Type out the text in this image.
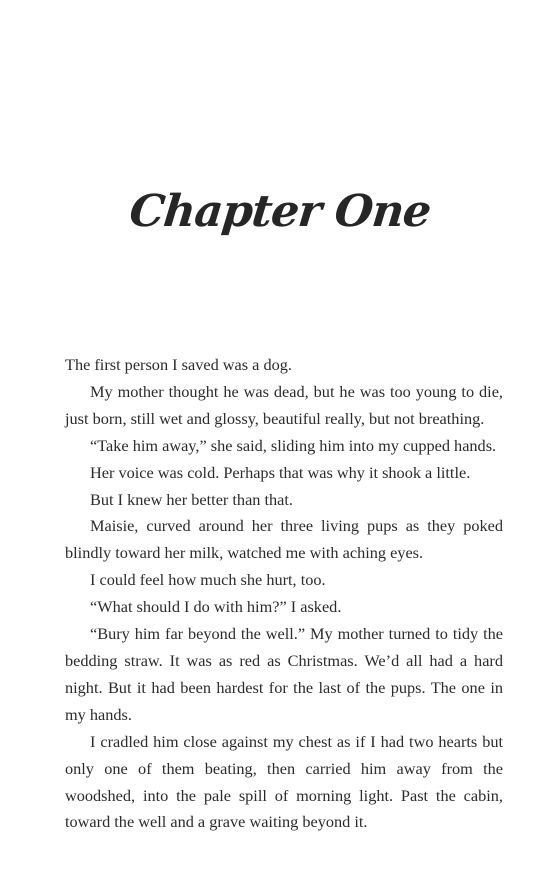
Chapter One

The first person I saved was a dog.

My mother thought he was dead, but he was too young to die, just born, still wet and glossy, beautiful really, but not breathing.

“Take him away,” she said, sliding him into my cupped hands.

Her voice was cold. Perhaps that was why it shook a little.

But I knew her better than that.

Maisie, curved around her three living pups as they poked blindly toward her milk, watched me with aching eyes.

I could feel how much she hurt, too.

“What should I do with him?” I asked.

“Bury him far beyond the well.” My mother turned to tidy the bedding straw. It was as red as Christmas. We’d all had a hard night. But it had been hardest for the last of the pups. The one in my hands.

I cradled him close against my chest as if I had two hearts but only one of them beating, then carried him away from the woodshed, into the pale spill of morning light. Past the cabin, toward the well and a grave waiting beyond it.
